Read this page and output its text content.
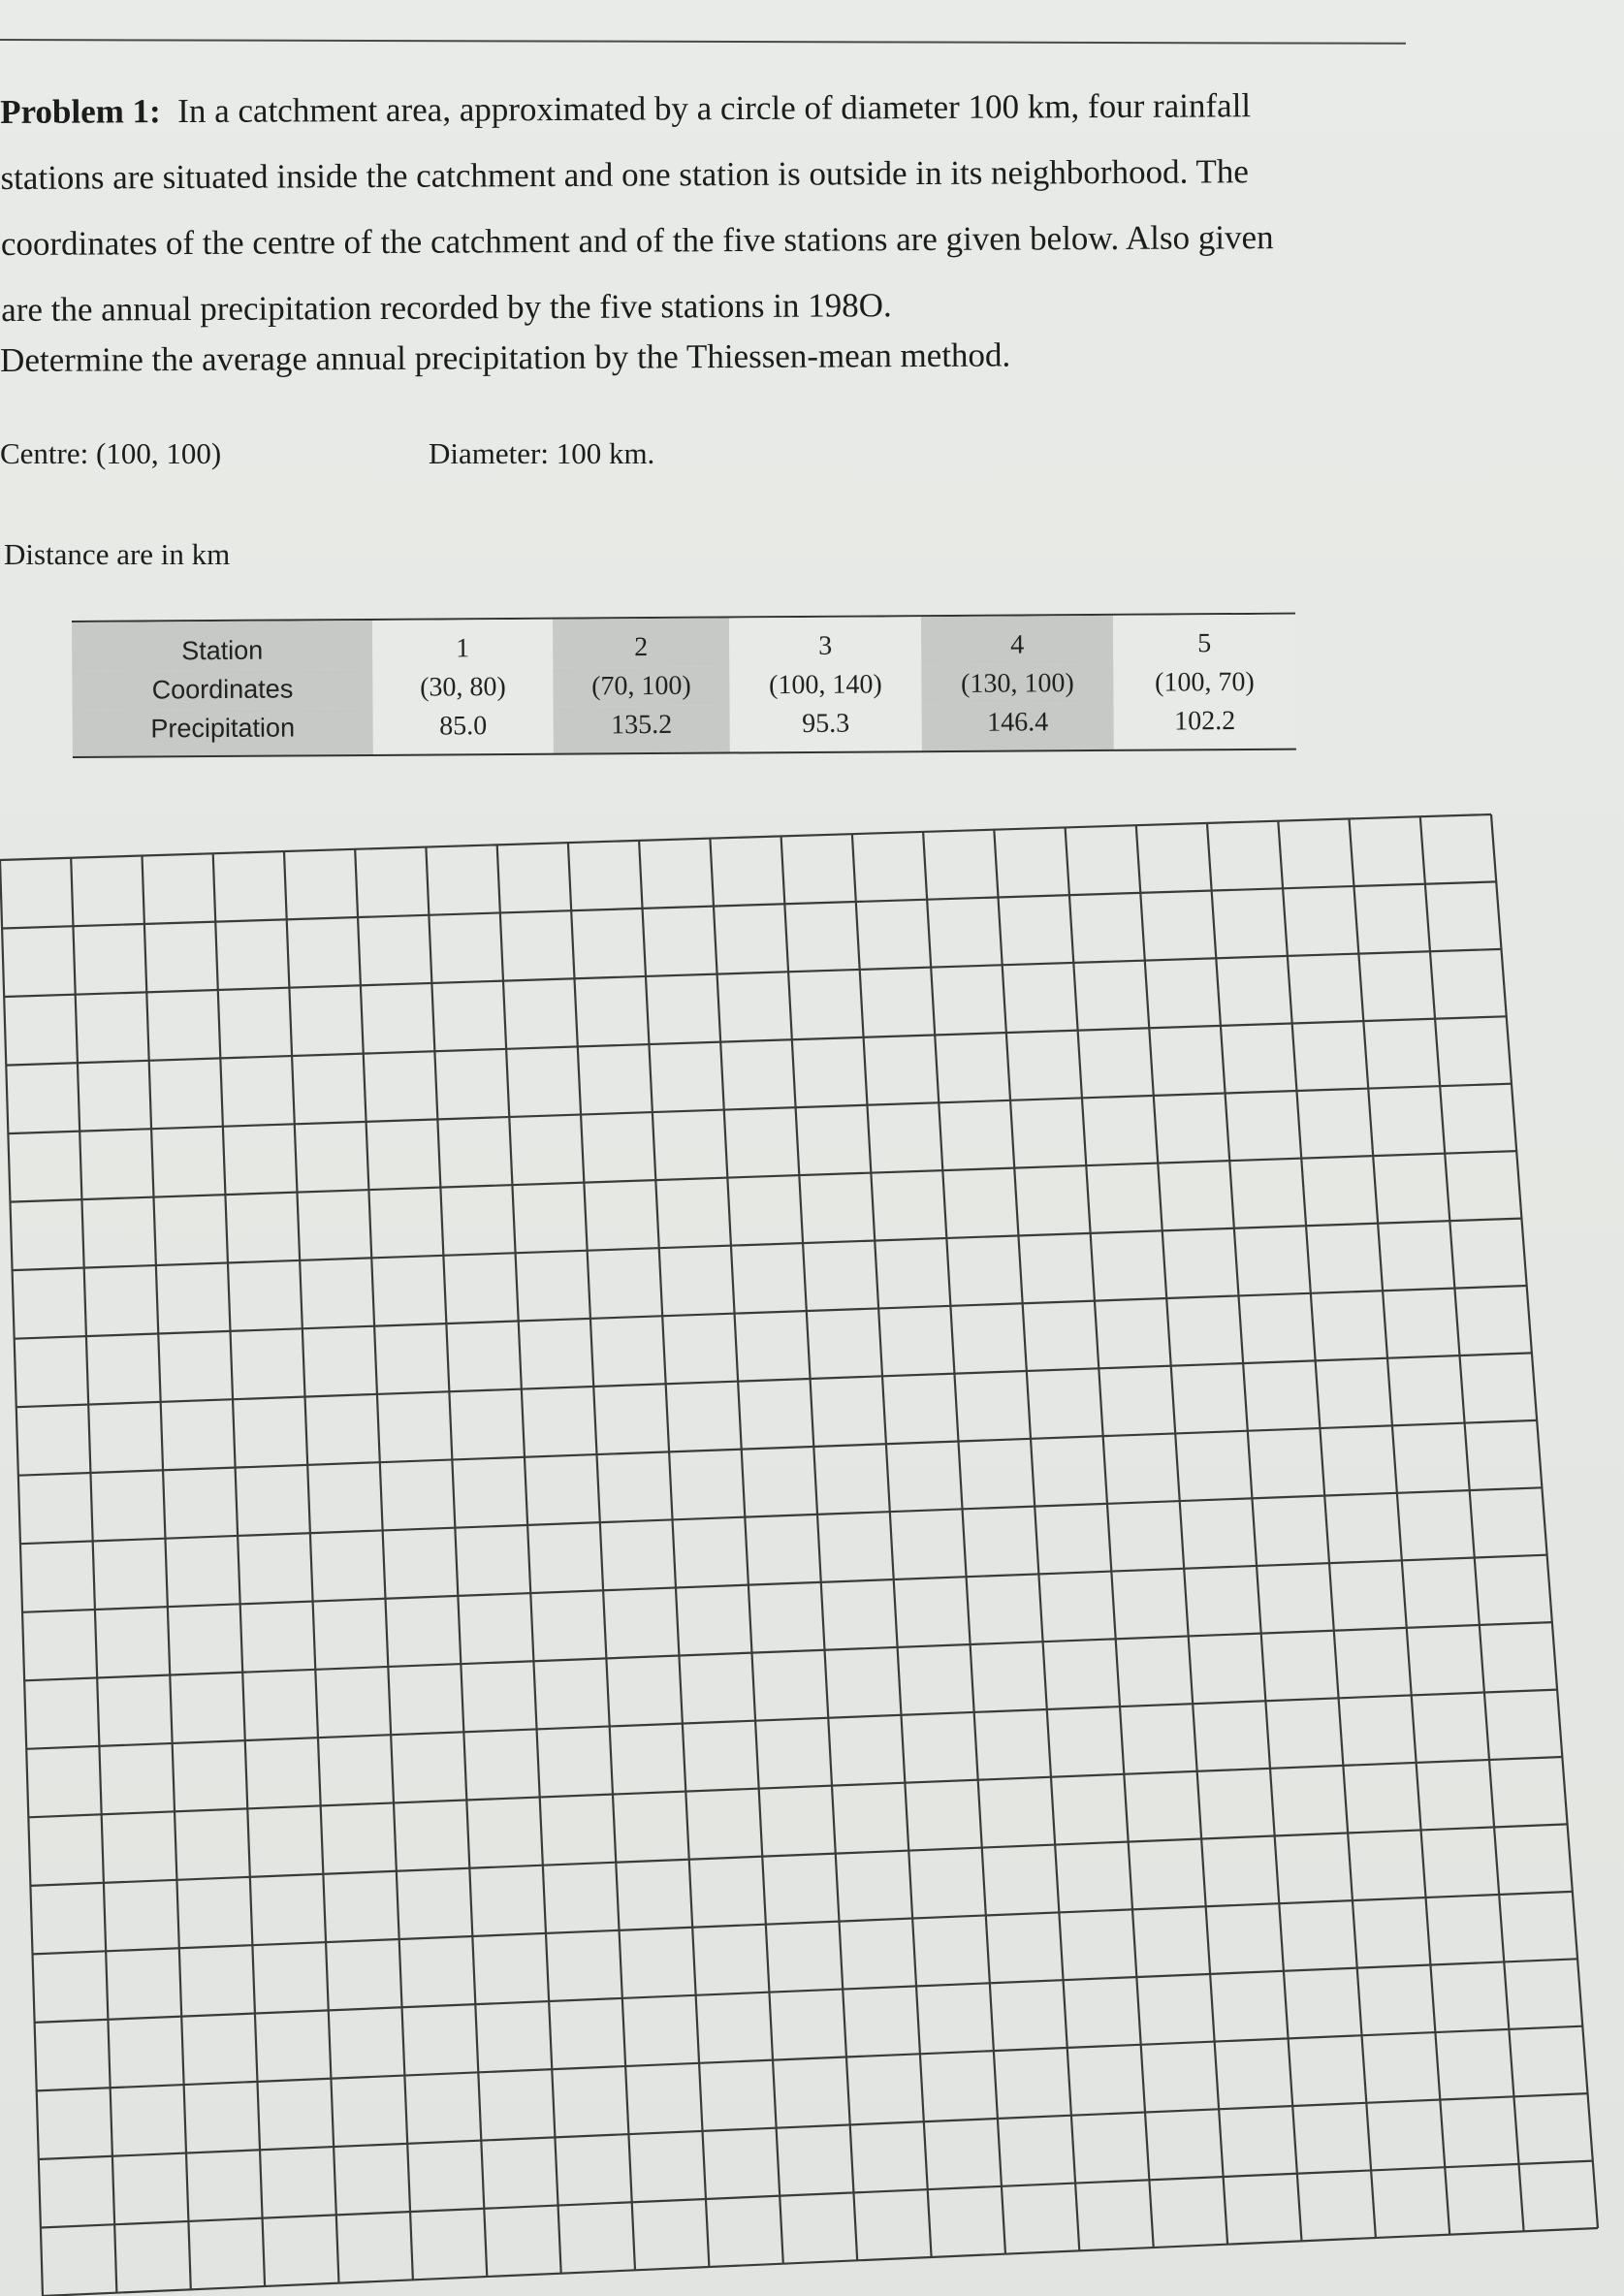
Problem 1: In a catchment area, approximated by a circle of diameter 100 km, four rainfall
stations are situated inside the catchment and one station is outside in its neighborhood. The
coordinates of the centre of the catchment and of the five stations are given below. Also given
are the annual precipitation recorded by the five stations in 198O.
Determine the average annual precipitation by the Thiessen-mean method.
Centre: (100, 100)	Diameter: 100 km.
Distance are in km
Station	1	2	3	4	5
Coordinates	(30, 80)	(70, 100)	(100, 140)	(130, 100)	(100, 70)
Precipitation	85.0	135.2	95.3	146.4	102.2
